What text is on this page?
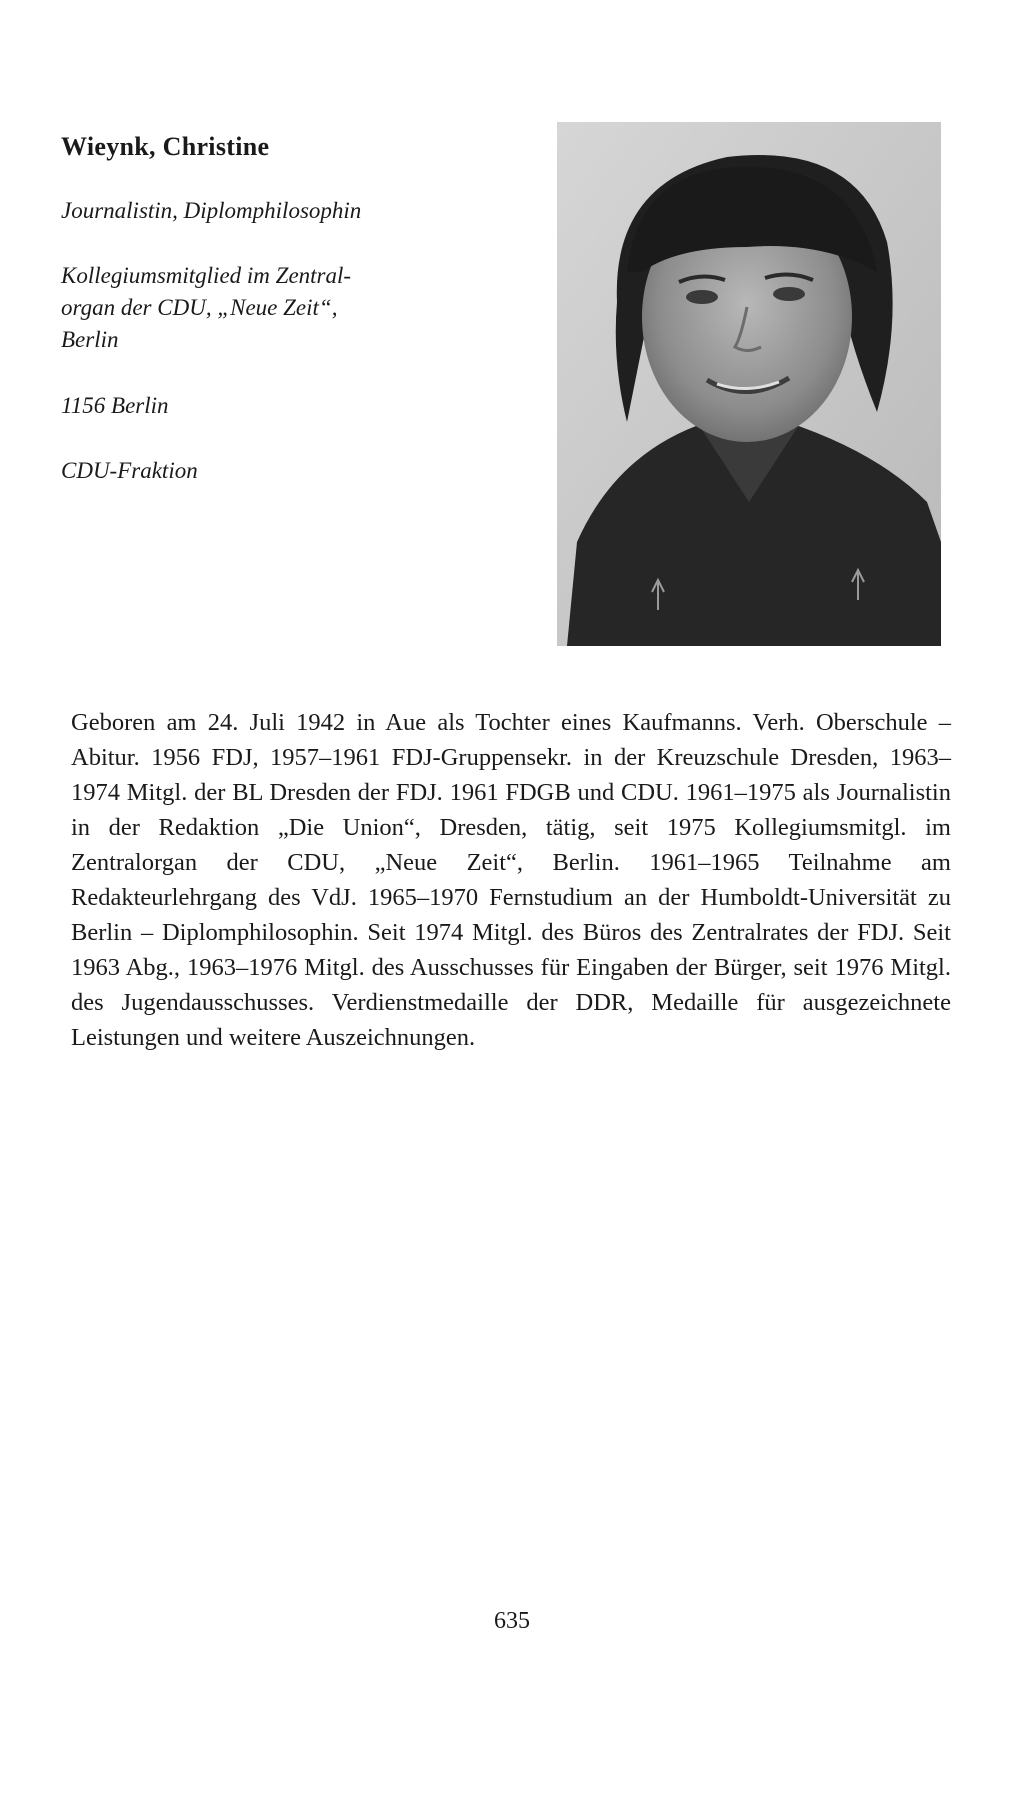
Wieynk, Christine

Journalistin, Diplomphilosophin

Kollegiumsmitglied im Zentral-
organ der CDU, „Neue Zeit“,
Berlin

1156 Berlin

CDU-Fraktion

Geboren am 24. Juli 1942 in Aue als Tochter eines Kaufmanns. Verh. Oberschule – Abitur. 1956 FDJ, 1957–1961 FDJ-Gruppensekr. in der Kreuzschule Dresden, 1963–1974 Mitgl. der BL Dresden der FDJ. 1961 FDGB und CDU. 1961–1975 als Journalistin in der Redaktion „Die Union“, Dresden, tätig, seit 1975 Kollegiumsmitgl. im Zentralorgan der CDU, „Neue Zeit“, Berlin. 1961–1965 Teilnahme am Redakteurlehrgang des VdJ. 1965–1970 Fernstudium an der Humboldt-Universität zu Berlin – Diplomphilosophin. Seit 1974 Mitgl. des Büros des Zentralrates der FDJ. Seit 1963 Abg., 1963–1976 Mitgl. des Ausschusses für Eingaben der Bürger, seit 1976 Mitgl. des Jugendausschusses. Verdienstmedaille der DDR, Medaille für ausgezeichnete Leistungen und weitere Auszeichnungen.

635
